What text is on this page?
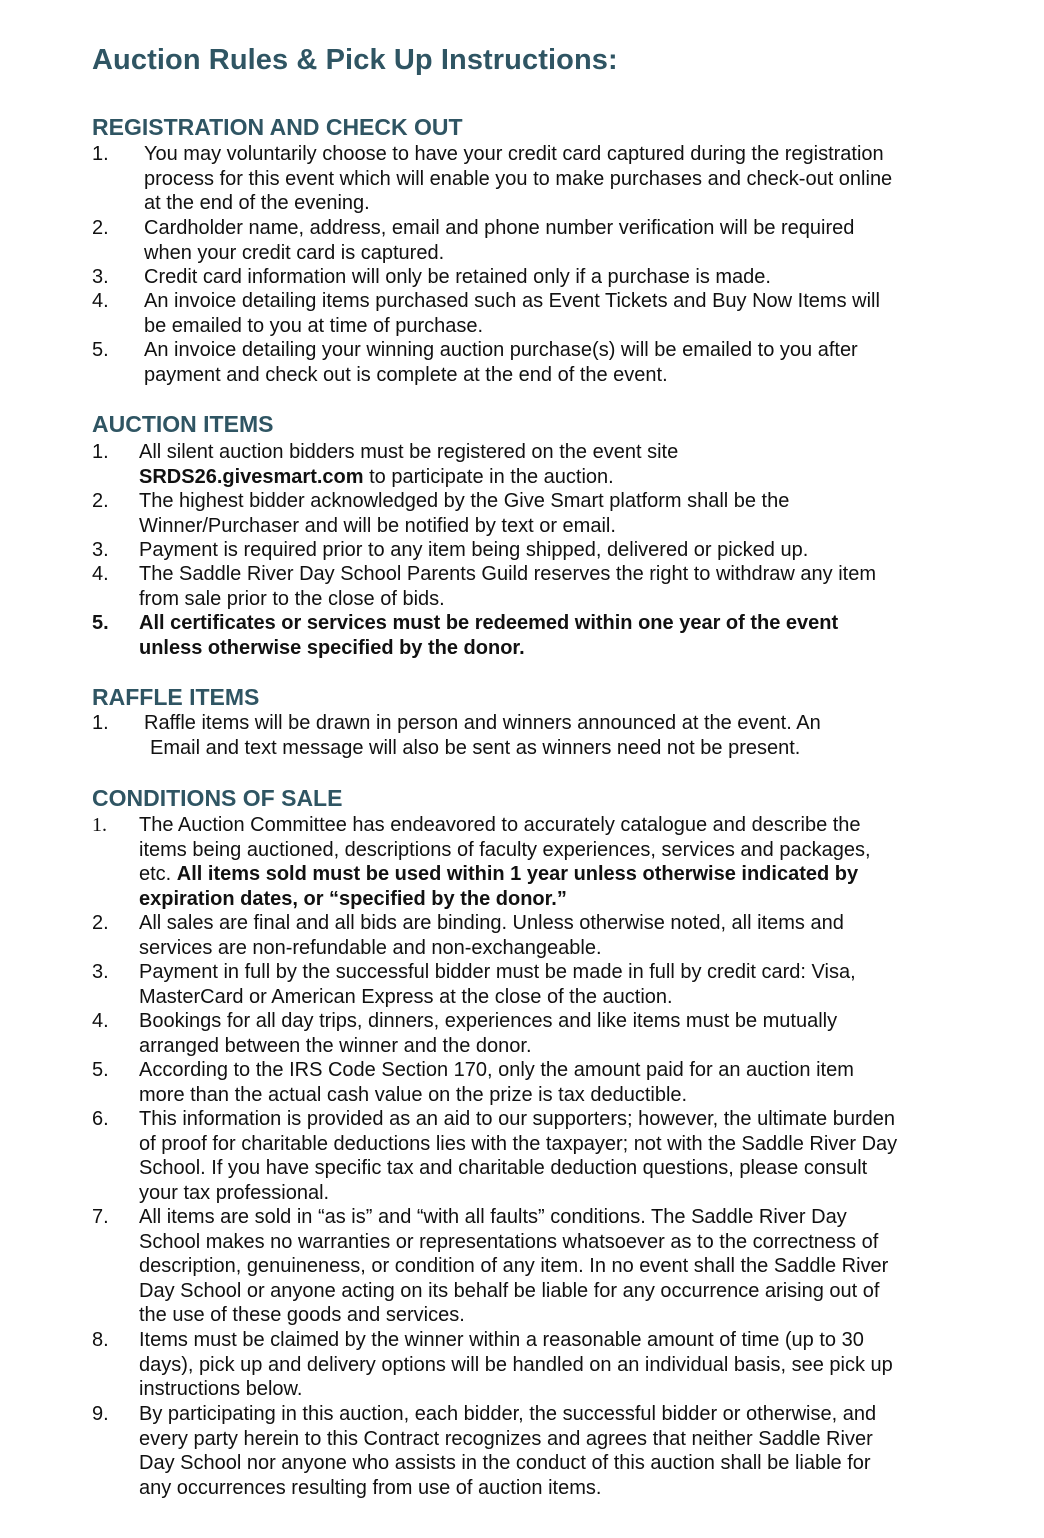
Auction Rules & Pick Up Instructions:
REGISTRATION AND CHECK OUT
1. You may voluntarily choose to have your credit card captured during the registration
process for this event which will enable you to make purchases and check-out online
at the end of the evening.
2. Cardholder name, address, email and phone number verification will be required
when your credit card is captured.
3. Credit card information will only be retained only if a purchase is made.
4. An invoice detailing items purchased such as Event Tickets and Buy Now Items will
be emailed to you at time of purchase.
5. An invoice detailing your winning auction purchase(s) will be emailed to you after
payment and check out is complete at the end of the event.
AUCTION ITEMS
1. All silent auction bidders must be registered on the event site
SRDS26.givesmart.com to participate in the auction.
2. The highest bidder acknowledged by the Give Smart platform shall be the
Winner/Purchaser and will be notified by text or email.
3. Payment is required prior to any item being shipped, delivered or picked up.
4. The Saddle River Day School Parents Guild reserves the right to withdraw any item
from sale prior to the close of bids.
5. All certificates or services must be redeemed within one year of the event
unless otherwise specified by the donor.
RAFFLE ITEMS
1. Raffle items will be drawn in person and winners announced at the event. An
Email and text message will also be sent as winners need not be present.
CONDITIONS OF SALE
1. The Auction Committee has endeavored to accurately catalogue and describe the
items being auctioned, descriptions of faculty experiences, services and packages,
etc. All items sold must be used within 1 year unless otherwise indicated by
expiration dates, or “specified by the donor.”
2. All sales are final and all bids are binding. Unless otherwise noted, all items and
services are non-refundable and non-exchangeable.
3. Payment in full by the successful bidder must be made in full by credit card: Visa,
MasterCard or American Express at the close of the auction.
4. Bookings for all day trips, dinners, experiences and like items must be mutually
arranged between the winner and the donor.
5. According to the IRS Code Section 170, only the amount paid for an auction item
more than the actual cash value on the prize is tax deductible.
6. This information is provided as an aid to our supporters; however, the ultimate burden
of proof for charitable deductions lies with the taxpayer; not with the Saddle River Day
School. If you have specific tax and charitable deduction questions, please consult
your tax professional.
7. All items are sold in “as is” and “with all faults” conditions. The Saddle River Day
School makes no warranties or representations whatsoever as to the correctness of
description, genuineness, or condition of any item. In no event shall the Saddle River
Day School or anyone acting on its behalf be liable for any occurrence arising out of
the use of these goods and services.
8. Items must be claimed by the winner within a reasonable amount of time (up to 30
days), pick up and delivery options will be handled on an individual basis, see pick up
instructions below.
9. By participating in this auction, each bidder, the successful bidder or otherwise, and
every party herein to this Contract recognizes and agrees that neither Saddle River
Day School nor anyone who assists in the conduct of this auction shall be liable for
any occurrences resulting from use of auction items.
